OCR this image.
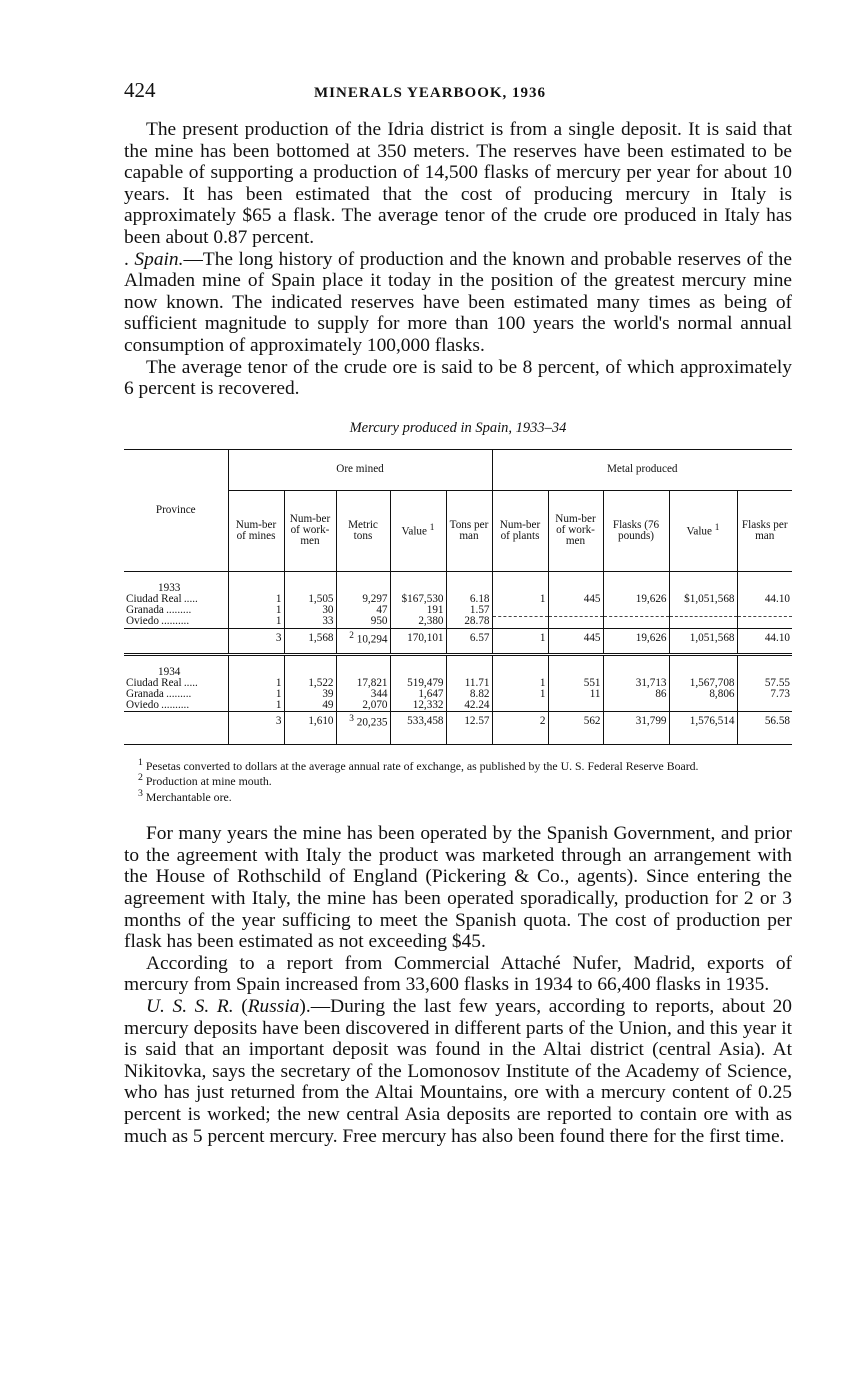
424	MINERALS YEARBOOK, 1936

The present production of the Idria district is from a single deposit. It is said that the mine has been bottomed at 350 meters. The reserves have been estimated to be capable of supporting a production of 14,500 flasks of mercury per year for about 10 years. It has been estimated that the cost of producing mercury in Italy is approximately $65 a flask. The average tenor of the crude ore produced in Italy has been about 0.87 percent.

. Spain.—The long history of production and the known and probable reserves of the Almaden mine of Spain place it today in the position of the greatest mercury mine now known. The indicated reserves have been estimated many times as being of sufficient magnitude to supply for more than 100 years the world's normal annual consumption of approximately 100,000 flasks.

The average tenor of the crude ore is said to be 8 percent, of which approximately 6 percent is recovered.

Mercury produced in Spain, 1933–34
Province	Ore mined					Metal produced				
	Num-ber of mines	Num-ber of work-men	Metric tons	Value $^1$	Tons per man	Num-ber of plants	Num-ber of work-men	Flasks (76 pounds)	Value $^1$	Flasks per man
1933										
Ciudad Real .....	1	1,505	9,297	$167,530	6.18	1	445	19,626	$1,051,568	44.10
Granada .........	1	30	47	191	1.57					
Oviedo ..........	1	33	950	2,380	28.78					
	3	1,568	$^2$ 10,294	170,101	6.57	1	445	19,626	1,051,568	44.10

1934										
Ciudad Real .....	1	1,522	17,821	519,479	11.71	1	551	31,713	1,567,708	57.55
Granada .........	1	39	344	1,647	8.82	1	11	86	8,806	7.73
Oviedo ..........	1	49	2,070	12,332	42.24					
	3	1,610	$^3$ 20,235	533,458	12.57	2	562	31,799	1,576,514	56.58

$^1$ Pesetas converted to dollars at the average annual rate of exchange, as published by the U. S. Federal Reserve Board.
$^2$ Production at mine mouth.
$^3$ Merchantable ore.

For many years the mine has been operated by the Spanish Government, and prior to the agreement with Italy the product was marketed through an arrangement with the House of Rothschild of England (Pickering & Co., agents). Since entering the agreement with Italy, the mine has been operated sporadically, production for 2 or 3 months of the year sufficing to meet the Spanish quota. The cost of production per flask has been estimated as not exceeding $45.

According to a report from Commercial Attaché Nufer, Madrid, exports of mercury from Spain increased from 33,600 flasks in 1934 to 66,400 flasks in 1935.

U. S. S. R. (Russia).—During the last few years, according to reports, about 20 mercury deposits have been discovered in different parts of the Union, and this year it is said that an important deposit was found in the Altai district (central Asia). At Nikitovka, says the secretary of the Lomonosov Institute of the Academy of Science, who has just returned from the Altai Mountains, ore with a mercury content of 0.25 percent is worked; the new central Asia deposits are reported to contain ore with as much as 5 percent mercury. Free mercury has also been found there for the first time.
